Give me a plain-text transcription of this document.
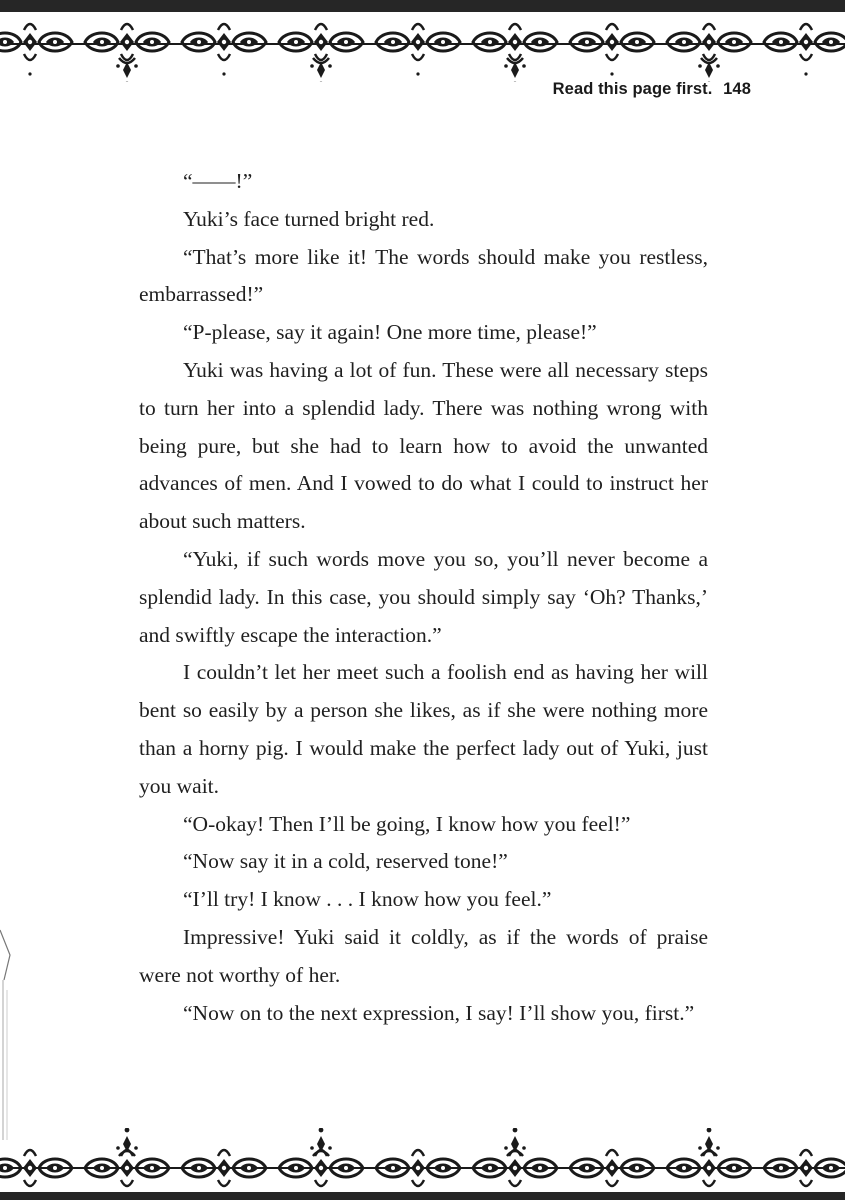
Read this page first. 148

“——!”

Yuki’s face turned bright red.

“That’s more like it! The words should make you restless, embarrassed!”

“P-please, say it again! One more time, please!”

Yuki was having a lot of fun. These were all necessary steps to turn her into a splendid lady. There was nothing wrong with being pure, but she had to learn how to avoid the unwanted advances of men. And I vowed to do what I could to instruct her about such matters.

“Yuki, if such words move you so, you’ll never become a splendid lady. In this case, you should simply say ‘Oh? Thanks,’ and swiftly escape the interaction.”

I couldn’t let her meet such a foolish end as having her will bent so easily by a person she likes, as if she were nothing more than a horny pig. I would make the perfect lady out of Yuki, just you wait.

“O-okay! Then I’ll be going, I know how you feel!”

“Now say it in a cold, reserved tone!”

“I’ll try! I know . . . I know how you feel.”

Impressive! Yuki said it coldly, as if the words of praise were not worthy of her.

“Now on to the next expression, I say! I’ll show you, first.”
